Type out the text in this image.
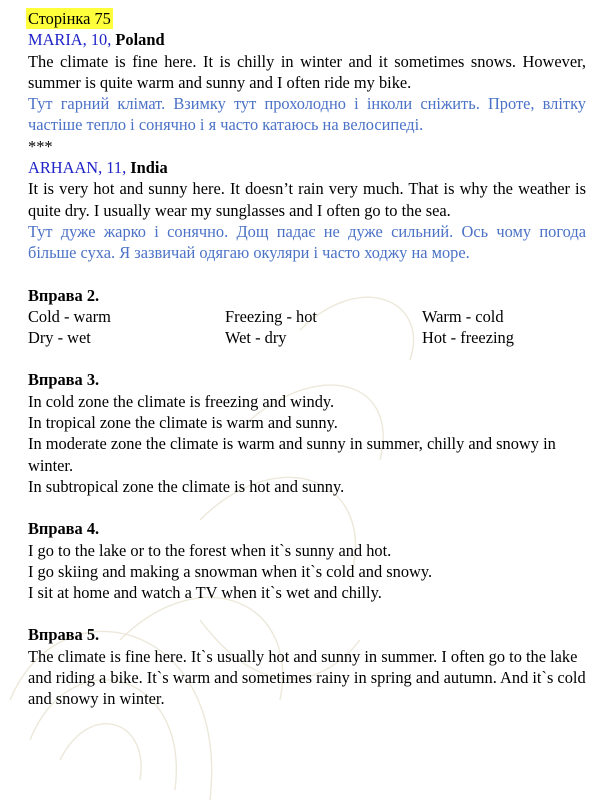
Сторінка 75

MARIA, 10, Poland

The climate is fine here. It is chilly in winter and it sometimes snows. However, summer is quite warm and sunny and I often ride my bike.

Тут гарний клімат. Взимку тут прохолодно і інколи сніжить. Проте, влітку частіше тепло і сонячно і я часто катаюсь на велосипеді.

***

ARHAAN, 11, India

It is very hot and sunny here. It doesn’t rain very much. That is why the weather is quite dry. I usually wear my sunglasses and I often go to the sea.

Тут дуже жарко і сонячно. Дощ падає не дуже сильний. Ось чому погода більше суха. Я зазвичай одягаю окуляри і часто ходжу на море.

Вправа 2.

Cold - warm	Freezing - hot	Warm - cold
Dry - wet	Wet - dry	Hot - freezing

Вправа 3.

In cold zone the climate is freezing and windy.

In tropical zone the climate is warm and sunny.

In moderate zone the climate is warm and sunny in summer, chilly and snowy in winter.

In subtropical zone the climate is hot and sunny.

Вправа 4.

I go to the lake or to the forest when it`s sunny and hot.

I go skiing and making a snowman when it`s cold and snowy.

I sit at home and watch a TV when it`s wet and chilly.

Вправа 5.

The climate is fine here. It`s usually hot and sunny in summer. I often go to the lake and riding a bike. It`s warm and sometimes rainy in spring and autumn. And it`s cold and snowy in winter.
